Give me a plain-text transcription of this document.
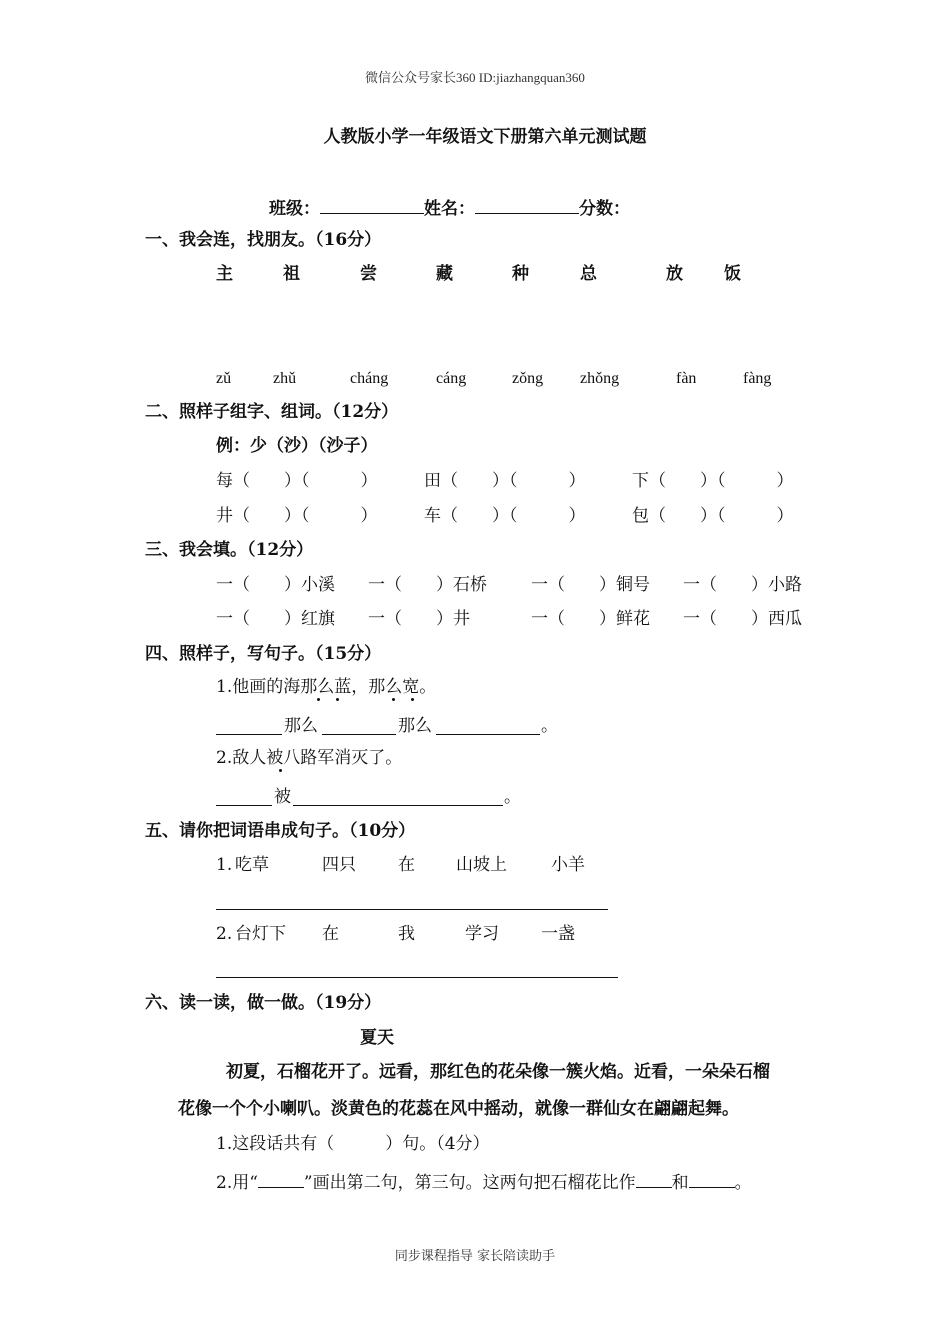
微信公众号家长360 ID:jiazhangquan360
人教版小学一年级语文下册第六单元测试题
班级：	姓名：	分数：
一、我会连，找朋友。（16分）
主	祖	尝	藏	种	总	放 饭
zǔ	zhǔ	cháng	cáng	zǒng zhǒng	fàn	fàng
二、照样子组字、组词。（12分）
例：少（沙）（沙子）
每（　　）（　　　）	田（　　）（　　　）	下（　　）（　　　）
井（　　）（　　　）	车（　　）（　　　）	包（　　）（　　　）
三、我会填。（12分）
一（　　）小溪 一（　　）石桥	一（　　）铜号 一（　　）小路
一（　　）红旗 一（　　）井	一（　　）鲜花 一（　　）西瓜
四、照样子，写句子。（15分）
1.他画的海那么蓝，那么宽。
那么	那么	。
2.敌人被八路军消灭了。
被	。
五、请你把词语串成句子。（10分）
1. 吃草	四只 在 山坡上	小羊
2. 台灯下 在	我	学习 一盏
六、读一读，做一做。（19分）
夏天
初夏，石榴花开了。远看，那红色的花朵像一簇火焰。近看，一朵朵石榴
花像一个个小喇叭。淡黄色的花蕊在风中摇动，就像一群仙女在翩翩起舞。
1.这段话共有（　　　）句。（4分）
2.用“	”画出第二句，第三句。这两句把石榴花比作 和	。
同步课程指导 家长陪读助手
